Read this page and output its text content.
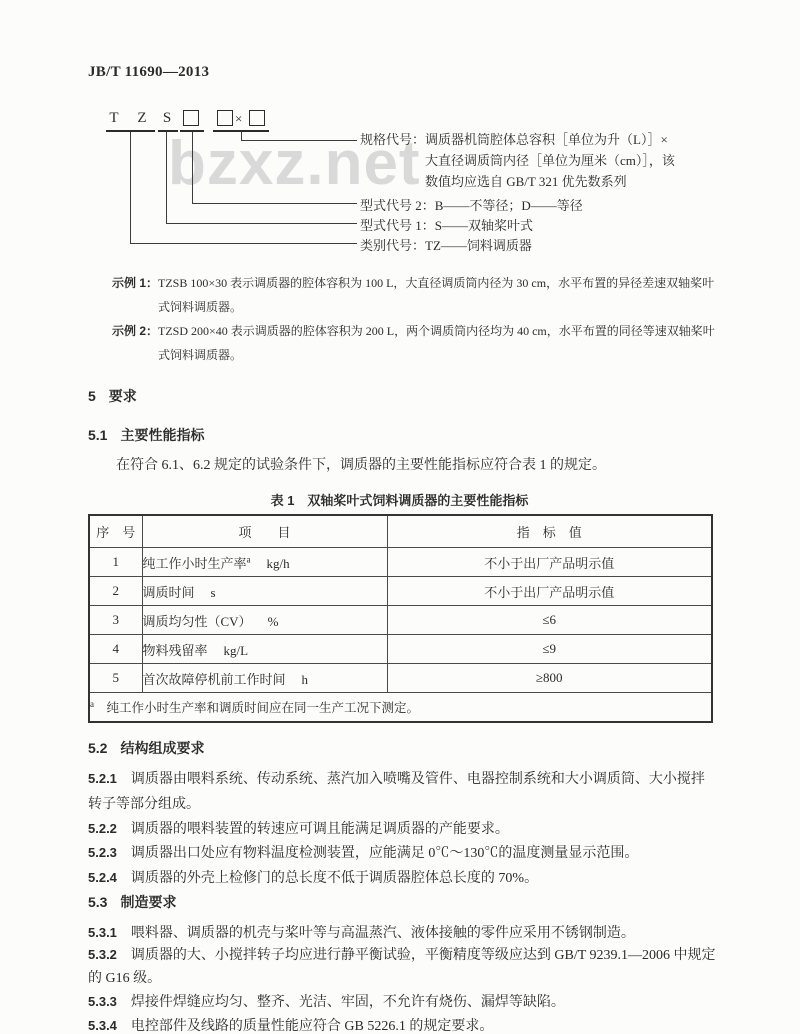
JB/T 11690—2013
bzxz.net
T Z S	×
规格代号：调质器机筒腔体总容积［单位为升（L）］×
大直径调质筒内径［单位为厘米（cm）］，该
数值均应选自 GB/T 321 优先数系列
型式代号 2：B——不等径；D——等径
型式代号 1：S——双轴桨叶式
类别代号：TZ——饲料调质器
示例 1： TZSB 100×30 表示调质器的腔体容积为 100 L，大直径调质筒内径为 30 cm，水平布置的异径差速双轴桨叶式饲料调质器。
示例 2： TZSD 200×40 表示调质器的腔体容积为 200 L，两个调质筒内径均为 40 cm，水平布置的同径等速双轴桨叶式饲料调质器。
5 要求
5.1 主要性能指标
在符合 6.1、6.2 规定的试验条件下，调质器的主要性能指标应符合表 1 的规定。
表 1　双轴桨叶式饲料调质器的主要性能指标
序　号	项　　目	指　标　值
1	纯工作小时生产率$^a$ kg/h	不小于出厂产品明示值
2	调质时间 s	不小于出厂产品明示值
3	调质均匀性（CV） %	≤6
4	物料残留率 kg/L	≤9
5	首次故障停机前工作时间 h	≥800
$^a$　纯工作小时生产率和调质时间应在同一生产工况下测定。		
5.2 结构组成要求

5.2.1 调质器由喂料系统、传动系统、蒸汽加入喷嘴及管件、电器控制系统和大小调质筒、大小搅拌转子等部分组成。

5.2.2 调质器的喂料装置的转速应可调且能满足调质器的产能要求。

5.2.3 调质器出口处应有物料温度检测装置，应能满足 0℃～130℃的温度测量显示范围。

5.2.4 调质器的外壳上检修门的总长度不低于调质器腔体总长度的 70%。

5.3 制造要求

5.3.1 喂料器、调质器的机壳与桨叶等与高温蒸汽、液体接触的零件应采用不锈钢制造。

5.3.2 调质器的大、小搅拌转子均应进行静平衡试验，平衡精度等级应达到 GB/T 9239.1—2006 中规定的 G16 级。

5.3.3 焊接件焊缝应均匀、整齐、光洁、牢固，不允许有烧伤、漏焊等缺陷。

5.3.4 电控部件及线路的质量性能应符合 GB 5226.1 的规定要求。
